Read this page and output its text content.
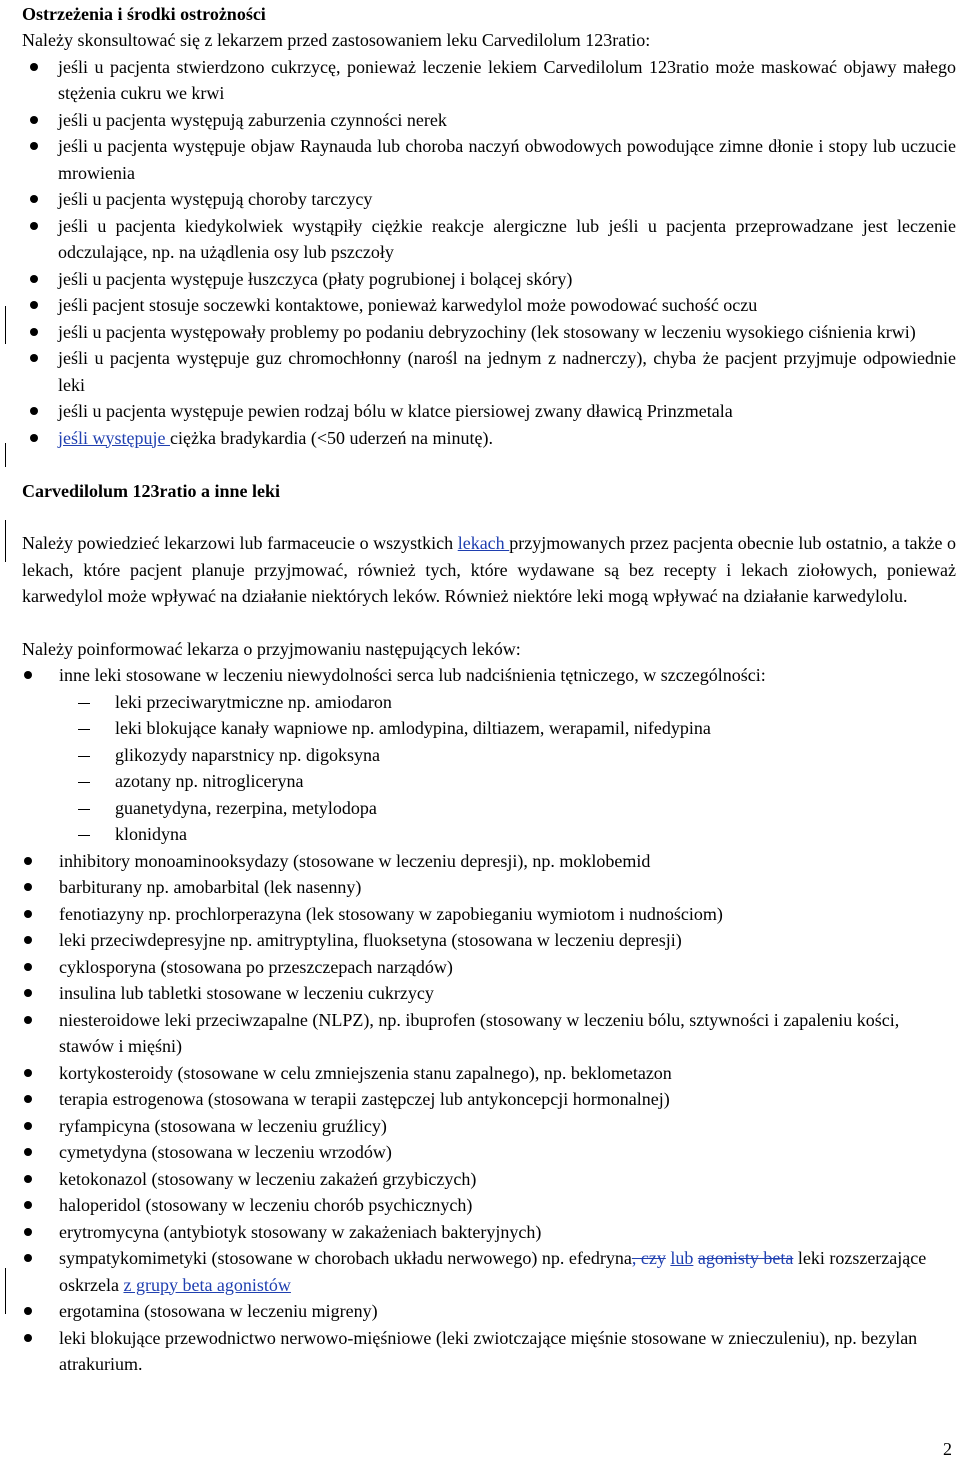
Ostrzeżenia i środki ostrożności

Należy skonsultować się z lekarzem przed zastosowaniem leku Carvedilolum 123ratio:

jeśli u pacjenta stwierdzono cukrzycę, ponieważ leczenie lekiem Carvedilolum 123ratio może maskować objawy małego stężenia cukru we krwi
jeśli u pacjenta występują zaburzenia czynności nerek
jeśli u pacjenta występuje objaw Raynauda lub choroba naczyń obwodowych powodujące zimne dłonie i stopy lub uczucie mrowienia
jeśli u pacjenta występują choroby tarczycy
jeśli u pacjenta kiedykolwiek wystąpiły ciężkie reakcje alergiczne lub jeśli u pacjenta przeprowadzane jest leczenie odczulające, np. na użądlenia osy lub pszczoły
jeśli u pacjenta występuje łuszczyca (płaty pogrubionej i bolącej skóry)
jeśli pacjent stosuje soczewki kontaktowe, ponieważ karwedylol może powodować suchość oczu
jeśli u pacjenta występowały problemy po podaniu debryzochiny (lek stosowany w leczeniu wysokiego ciśnienia krwi)
jeśli u pacjenta występuje guz chromochłonny (narośl na jednym z nadnerczy), chyba że pacjent przyjmuje odpowiednie leki
jeśli u pacjenta występuje pewien rodzaj bólu w klatce piersiowej zwany dławicą Prinzmetala
jeśli występuje ciężka bradykardia (<50 uderzeń na minutę).
Carvedilolum 123ratio a inne leki

Należy powiedzieć lekarzowi lub farmaceucie o wszystkich lekach przyjmowanych przez pacjenta obecnie lub ostatnio, a także o lekach, które pacjent planuje przyjmować, również tych, które wydawane są bez recepty i lekach ziołowych, ponieważ karwedylol może wpływać na działanie niektórych leków. Również niektóre leki mogą wpływać na działanie karwedylolu.

Należy poinformować lekarza o przyjmowaniu następujących leków:

inne leki stosowane w leczeniu niewydolności serca lub nadciśnienia tętniczego, w szczególności:
leki przeciwarytmiczne np. amiodaron
leki blokujące kanały wapniowe np. amlodypina, diltiazem, werapamil, nifedypina
glikozydy naparstnicy np. digoksyna
azotany np. nitrogliceryna
guanetydyna, rezerpina, metylodopa
klonidyna
inhibitory monoaminooksydazy (stosowane w leczeniu depresji), np. moklobemid
barbiturany np. amobarbital (lek nasenny)
fenotiazyny np. prochlorperazyna (lek stosowany w zapobieganiu wymiotom i nudnościom)
leki przeciwdepresyjne np. amitryptylina, fluoksetyna (stosowana w leczeniu depresji)
cyklosporyna (stosowana po przeszczepach narządów)
insulina lub tabletki stosowane w leczeniu cukrzycy
niesteroidowe leki przeciwzapalne (NLPZ), np. ibuprofen (stosowany w leczeniu bólu, sztywności i zapaleniu kości, stawów i mięśni)
kortykosteroidy (stosowane w celu zmniejszenia stanu zapalnego), np. beklometazon
terapia estrogenowa (stosowana w terapii zastępczej lub antykoncepcji hormonalnej)
ryfampicyna (stosowana w leczeniu gruźlicy)
cymetydyna (stosowana w leczeniu wrzodów)
ketokonazol (stosowany w leczeniu zakażeń grzybiczych)
haloperidol (stosowany w leczeniu chorób psychicznych)
erytromycyna (antybiotyk stosowany w zakażeniach bakteryjnych)
sympatykomimetyki (stosowane w chorobach układu nerwowego) np. efedryna, czy lub agonisty beta leki rozszerzające oskrzela z grupy beta agonistów
ergotamina (stosowana w leczeniu migreny)
leki blokujące przewodnictwo nerwowo-mięśniowe (leki zwiotczające mięśnie stosowane w znieczuleniu), np. bezylan atrakurium.
2
